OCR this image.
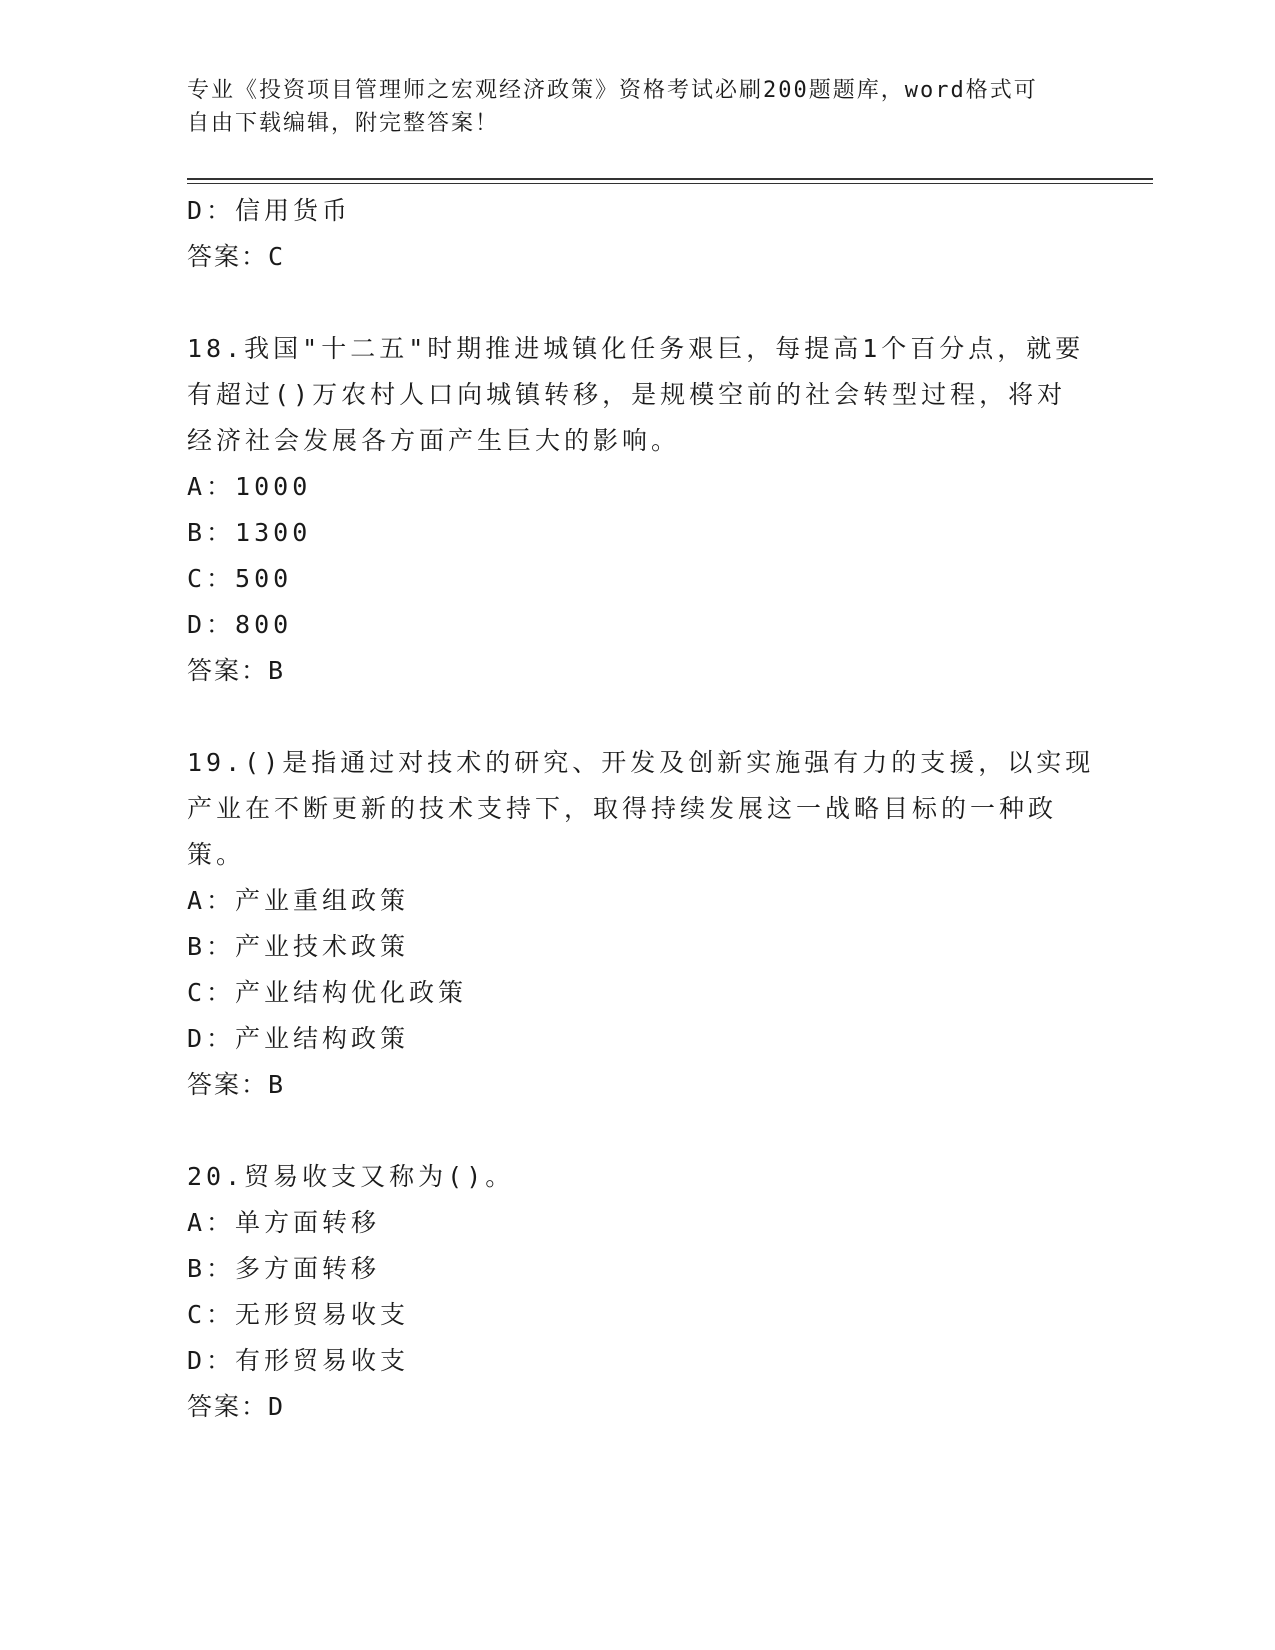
专业《投资项目管理师之宏观经济政策》资格考试必刷200题题库，word格式可
自由下载编辑，附完整答案！
D：信用货币
答案：C
18.我国"十二五"时期推进城镇化任务艰巨，每提高1个百分点，就要
有超过()万农村人口向城镇转移，是规模空前的社会转型过程，将对
经济社会发展各方面产生巨大的影响。
A：1000
B：1300
C：500
D：800
答案：B
19.()是指通过对技术的研究、开发及创新实施强有力的支援，以实现
产业在不断更新的技术支持下，取得持续发展这一战略目标的一种政
策。
A：产业重组政策
B：产业技术政策
C：产业结构优化政策
D：产业结构政策
答案：B
20.贸易收支又称为()。
A：单方面转移
B：多方面转移
C：无形贸易收支
D：有形贸易收支
答案：D
